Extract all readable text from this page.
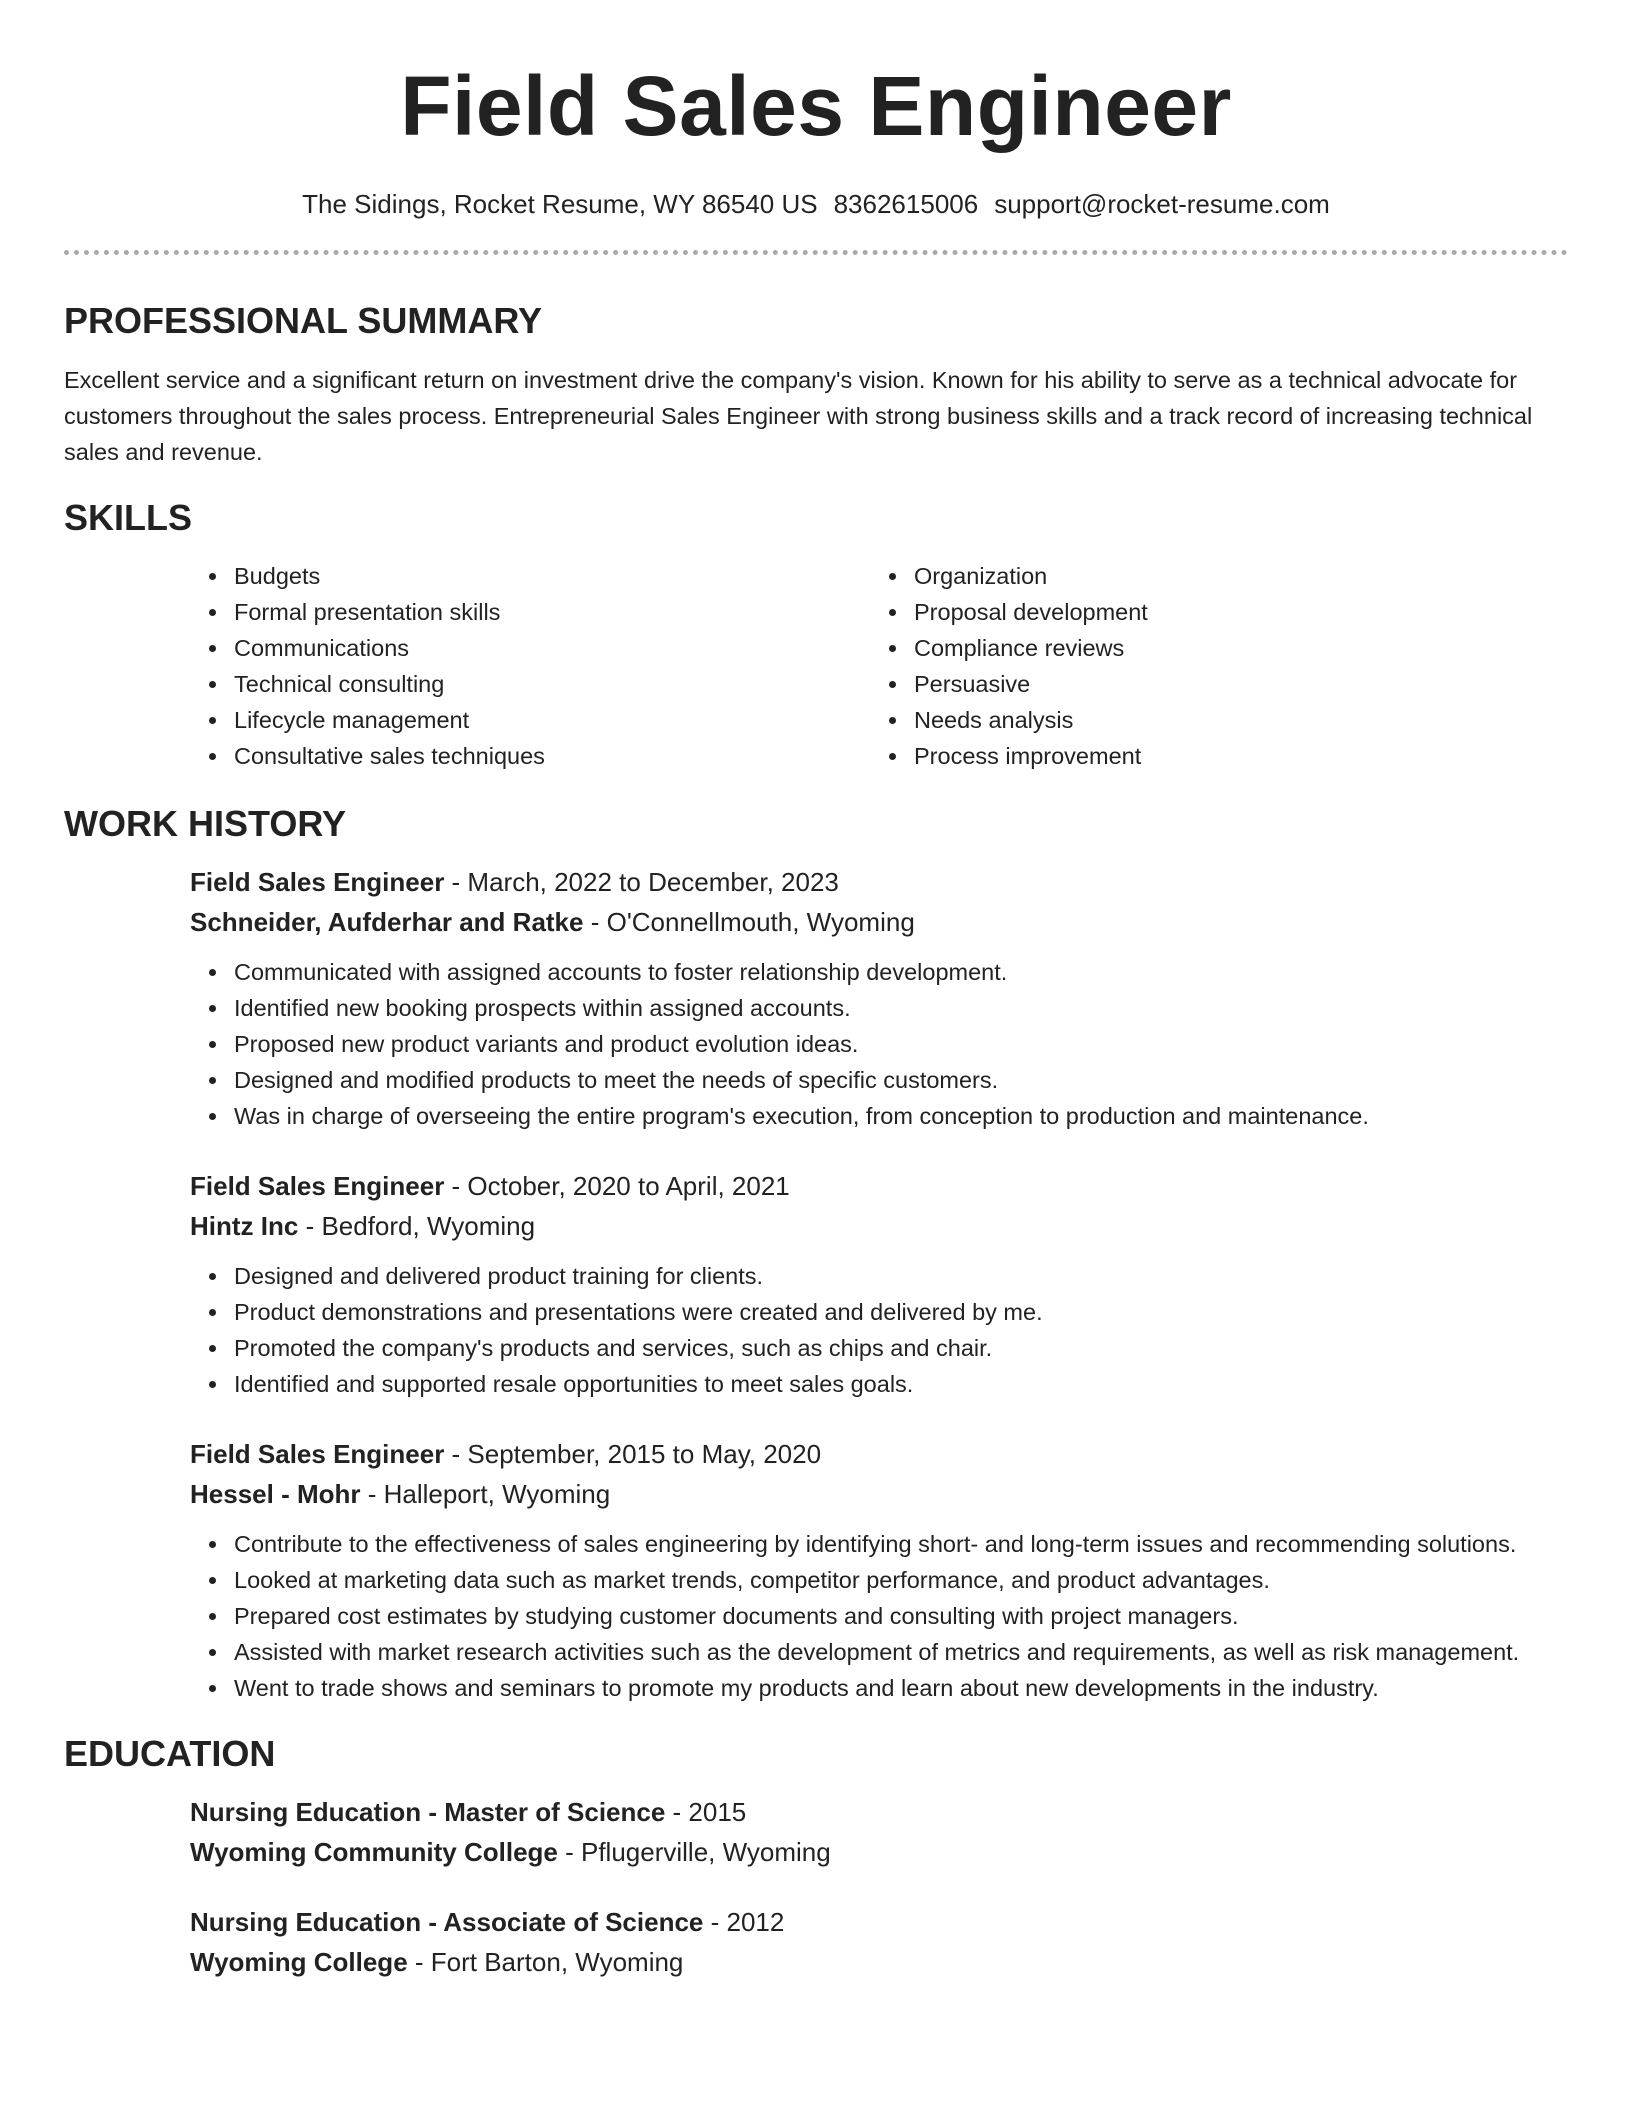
Field Sales Engineer
The Sidings, Rocket Resume, WY 86540 US 8362615006 support@rocket-resume.com
PROFESSIONAL SUMMARY

Excellent service and a significant return on investment drive the company's vision. Known for his ability to serve as a technical advocate for customers throughout the sales process. Entrepreneurial Sales Engineer with strong business skills and a track record of increasing technical sales and revenue.

SKILLS
Budgets
Formal presentation skills
Communications
Technical consulting
Lifecycle management
Consultative sales techniques
Organization
Proposal development
Compliance reviews
Persuasive
Needs analysis
Process improvement
WORK HISTORY
Field Sales Engineer - March, 2022 to December, 2023
Schneider, Aufderhar and Ratke - O'Connellmouth, Wyoming
Communicated with assigned accounts to foster relationship development.
Identified new booking prospects within assigned accounts.
Proposed new product variants and product evolution ideas.
Designed and modified products to meet the needs of specific customers.
Was in charge of overseeing the entire program's execution, from conception to production and maintenance.
Field Sales Engineer - October, 2020 to April, 2021
Hintz Inc - Bedford, Wyoming
Designed and delivered product training for clients.
Product demonstrations and presentations were created and delivered by me.
Promoted the company's products and services, such as chips and chair.
Identified and supported resale opportunities to meet sales goals.
Field Sales Engineer - September, 2015 to May, 2020
Hessel - Mohr - Halleport, Wyoming
Contribute to the effectiveness of sales engineering by identifying short- and long-term issues and recommending solutions.
Looked at marketing data such as market trends, competitor performance, and product advantages.
Prepared cost estimates by studying customer documents and consulting with project managers.
Assisted with market research activities such as the development of metrics and requirements, as well as risk management.
Went to trade shows and seminars to promote my products and learn about new developments in the industry.
EDUCATION
Nursing Education - Master of Science - 2015
Wyoming Community College - Pflugerville, Wyoming
Nursing Education - Associate of Science - 2012
Wyoming College - Fort Barton, Wyoming
